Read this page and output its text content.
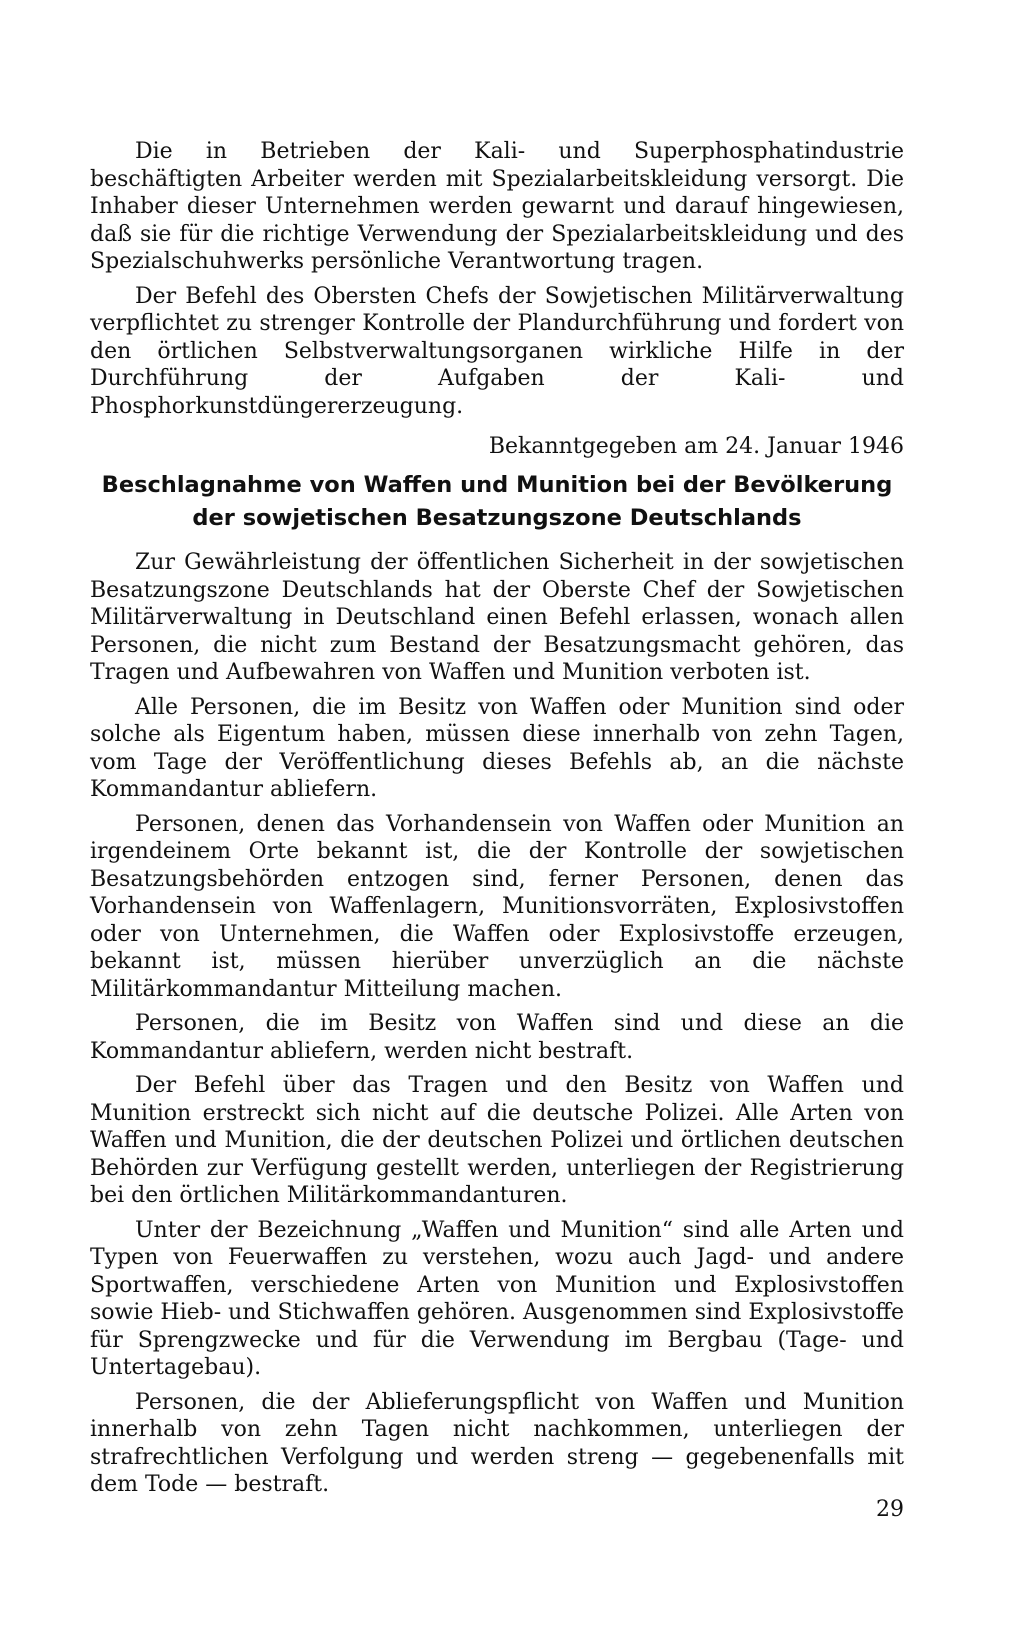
Die in Betrieben der Kali- und Superphosphatindustrie beschäftigten Arbeiter werden mit Spezialarbeitskleidung versorgt. Die Inhaber dieser Unternehmen werden gewarnt und darauf hingewiesen, daß sie für die richtige Verwendung der Spezialarbeitskleidung und des Spezialschuhwerks persönliche Verantwortung tragen.

Der Befehl des Obersten Chefs der Sowjetischen Militärverwaltung verpflichtet zu strenger Kontrolle der Plandurchführung und fordert von den örtlichen Selbstverwaltungsorganen wirkliche Hilfe in der Durchführung der Aufgaben der Kali- und Phosphorkunstdüngererzeugung.

Bekanntgegeben am 24. Januar 1946
Beschlagnahme von Waffen und Munition bei der Bevölkerung
der sowjetischen Besatzungszone Deutschlands

Zur Gewährleistung der öffentlichen Sicherheit in der sowjetischen Besatzungszone Deutschlands hat der Oberste Chef der Sowjetischen Militärverwaltung in Deutschland einen Befehl erlassen, wonach allen Personen, die nicht zum Bestand der Besatzungsmacht gehören, das Tragen und Aufbewahren von Waffen und Munition verboten ist.

Alle Personen, die im Besitz von Waffen oder Munition sind oder solche als Eigentum haben, müssen diese innerhalb von zehn Tagen, vom Tage der Veröffentlichung dieses Befehls ab, an die nächste Kommandantur abliefern.

Personen, denen das Vorhandensein von Waffen oder Munition an irgendeinem Orte bekannt ist, die der Kontrolle der sowjetischen Besatzungsbehörden entzogen sind, ferner Personen, denen das Vorhandensein von Waffenlagern, Munitionsvorräten, Explosivstoffen oder von Unternehmen, die Waffen oder Explosivstoffe erzeugen, bekannt ist, müssen hierüber unverzüglich an die nächste Militärkommandantur Mitteilung machen.

Personen, die im Besitz von Waffen sind und diese an die Kommandantur abliefern, werden nicht bestraft.

Der Befehl über das Tragen und den Besitz von Waffen und Munition erstreckt sich nicht auf die deutsche Polizei. Alle Arten von Waffen und Munition, die der deutschen Polizei und örtlichen deutschen Behörden zur Verfügung gestellt werden, unterliegen der Registrierung bei den örtlichen Militärkommandanturen.

Unter der Bezeichnung „Waffen und Munition“ sind alle Arten und Typen von Feuerwaffen zu verstehen, wozu auch Jagd- und andere Sportwaffen, verschiedene Arten von Munition und Explosivstoffen sowie Hieb- und Stichwaffen gehören. Ausgenommen sind Explosivstoffe für Sprengzwecke und für die Verwendung im Bergbau (Tage- und Untertagebau).

Personen, die der Ablieferungspflicht von Waffen und Munition innerhalb von zehn Tagen nicht nachkommen, unterliegen der strafrechtlichen Verfolgung und werden streng — gegebenenfalls mit dem Tode — bestraft.

29
